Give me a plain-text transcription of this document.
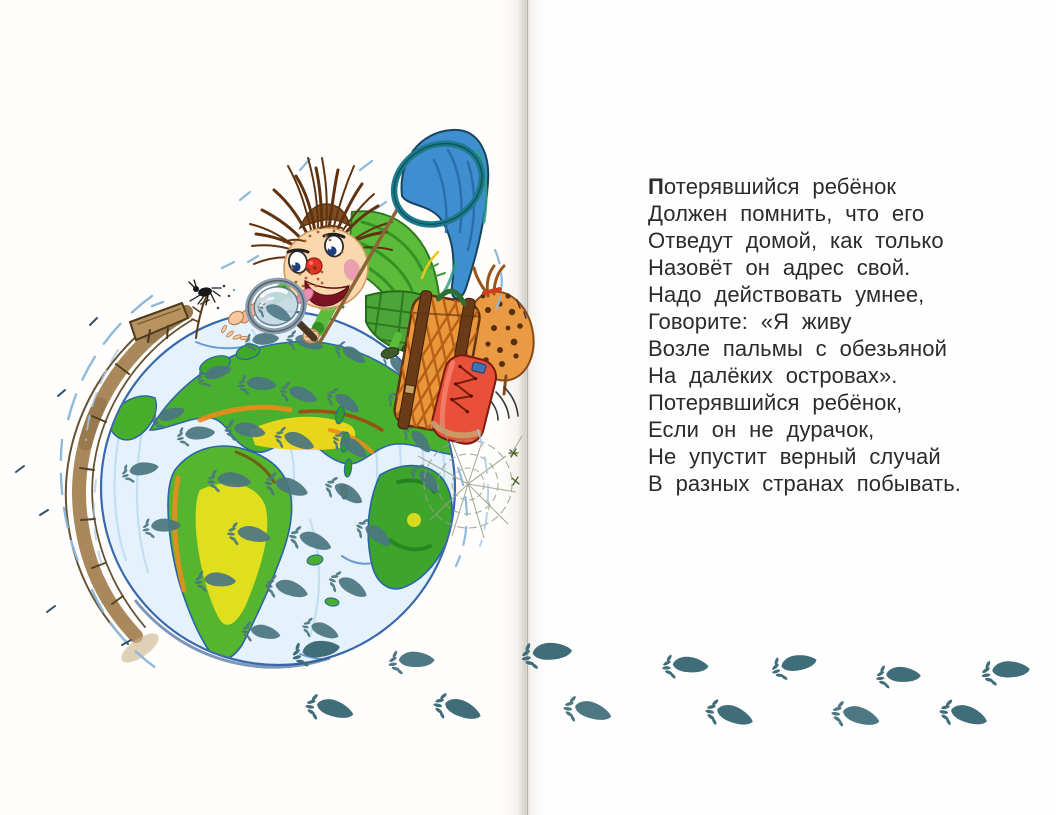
Потерявшийся ребёнок
Должен помнить, что его
Отведут домой, как только
Назовёт он адрес свой.
Надо действовать умнее,
Говорите: «Я живу
Возле пальмы с обезьяной
На далёких островах».
Потерявшийся ребёнок,
Если он не дурачок,
Не упустит верный случай
В разных странах побывать.
